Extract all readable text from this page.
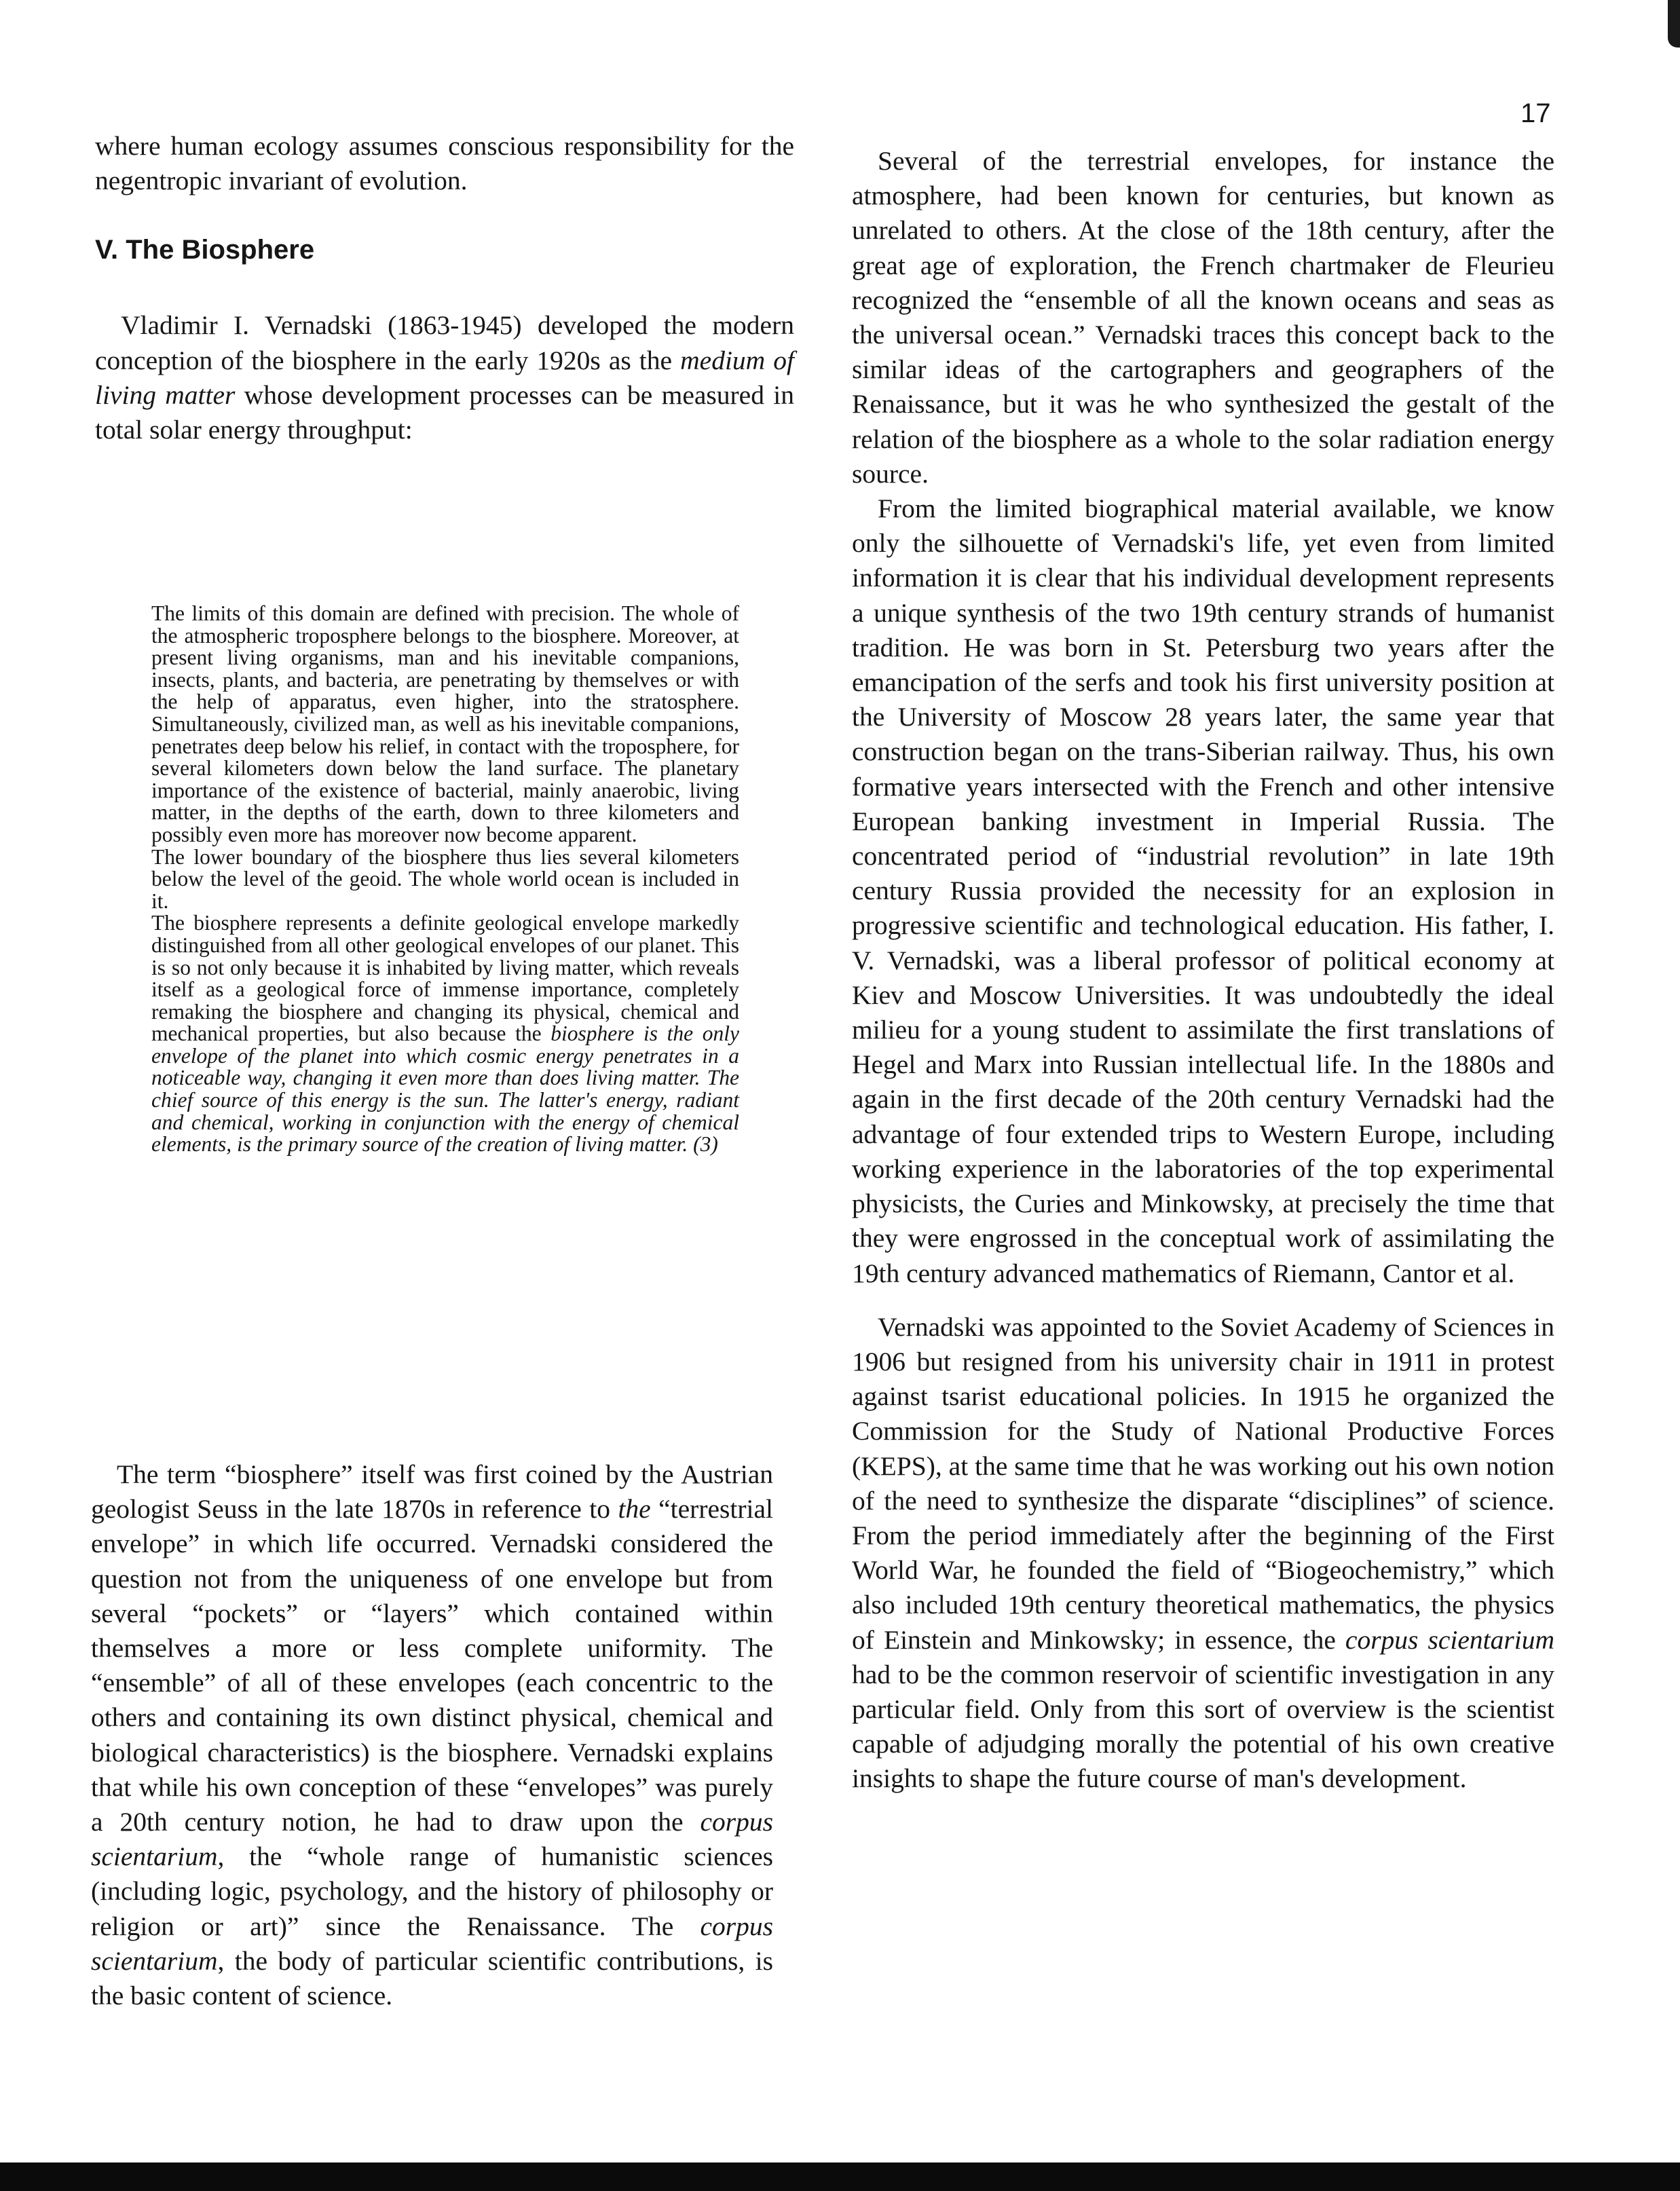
17

where human ecology assumes conscious responsibility for the negentropic invariant of evolution.

V. The Biosphere

Vladimir I. Vernadski (1863-1945) developed the modern conception of the biosphere in the early 1920s as the medium of living matter whose development processes can be measured in total solar energy throughput:

The limits of this domain are defined with precision. The whole of the atmospheric troposphere belongs to the biosphere. Moreover, at present living organisms, man and his inevitable companions, insects, plants, and bacteria, are penetrating by themselves or with the help of apparatus, even higher, into the stratosphere. Simultaneously, civilized man, as well as his inevitable companions, penetrates deep below his relief, in contact with the troposphere, for several kilometers down below the land surface. The planetary importance of the existence of bacterial, mainly anaerobic, living matter, in the depths of the earth, down to three kilometers and possibly even more has moreover now become apparent.

The lower boundary of the biosphere thus lies several kilometers below the level of the geoid. The whole world ocean is included in it.

The biosphere represents a definite geological envelope markedly distinguished from all other geological envelopes of our planet. This is so not only because it is inhabited by living matter, which reveals itself as a geological force of immense importance, completely remaking the biosphere and changing its physical, chemical and mechanical properties, but also because the biosphere is the only envelope of the planet into which cosmic energy penetrates in a noticeable way, changing it even more than does living matter. The chief source of this energy is the sun. The latter's energy, radiant and chemical, working in conjunction with the energy of chemical elements, is the primary source of the creation of living matter. (3)

The term “biosphere” itself was first coined by the Austrian geologist Seuss in the late 1870s in reference to the “terrestrial envelope” in which life occurred. Vernadski considered the question not from the uniqueness of one envelope but from several “pockets” or “layers” which contained within themselves a more or less complete uniformity. The “ensemble” of all of these envelopes (each concentric to the others and containing its own distinct physical, chemical and biological characteristics) is the biosphere. Vernadski explains that while his own conception of these “envelopes” was purely a 20th century notion, he had to draw upon the corpus scientarium, the “whole range of humanistic sciences (including logic, psychology, and the history of philosophy or religion or art)” since the Renaissance. The corpus scientarium, the body of particular scientific contributions, is the basic content of science.

Several of the terrestrial envelopes, for instance the atmosphere, had been known for centuries, but known as unrelated to others. At the close of the 18th century, after the great age of exploration, the French chartmaker de Fleurieu recognized the “ensemble of all the known oceans and seas as the universal ocean.” Vernadski traces this concept back to the similar ideas of the cartographers and geographers of the Renaissance, but it was he who synthesized the gestalt of the relation of the biosphere as a whole to the solar radiation energy source.

From the limited biographical material available, we know only the silhouette of Vernadski's life, yet even from limited information it is clear that his individual development represents a unique synthesis of the two 19th century strands of humanist tradition. He was born in St. Petersburg two years after the emancipation of the serfs and took his first university position at the University of Moscow 28 years later, the same year that construction began on the trans-Siberian railway. Thus, his own formative years intersected with the French and other intensive European banking investment in Imperial Russia. The concentrated period of “industrial revolution” in late 19th century Russia provided the necessity for an explosion in progressive scientific and technological education. His father, I. V. Vernadski, was a liberal professor of political economy at Kiev and Moscow Universities. It was undoubtedly the ideal milieu for a young student to assimilate the first translations of Hegel and Marx into Russian intellectual life. In the 1880s and again in the first decade of the 20th century Vernadski had the advantage of four extended trips to Western Europe, including working experience in the laboratories of the top experimental physicists, the Curies and Minkowsky, at precisely the time that they were engrossed in the conceptual work of assimilating the 19th century advanced mathematics of Riemann, Cantor et al.

Vernadski was appointed to the Soviet Academy of Sciences in 1906 but resigned from his university chair in 1911 in protest against tsarist educational policies. In 1915 he organized the Commission for the Study of National Productive Forces (KEPS), at the same time that he was working out his own notion of the need to synthesize the disparate “disciplines” of science. From the period immediately after the beginning of the First World War, he founded the field of “Biogeochemistry,” which also included 19th century theoretical mathematics, the physics of Einstein and Minkowsky; in essence, the corpus scientarium had to be the common reservoir of scientific investigation in any particular field. Only from this sort of overview is the scientist capable of adjudging morally the potential of his own creative insights to shape the future course of man's development.
